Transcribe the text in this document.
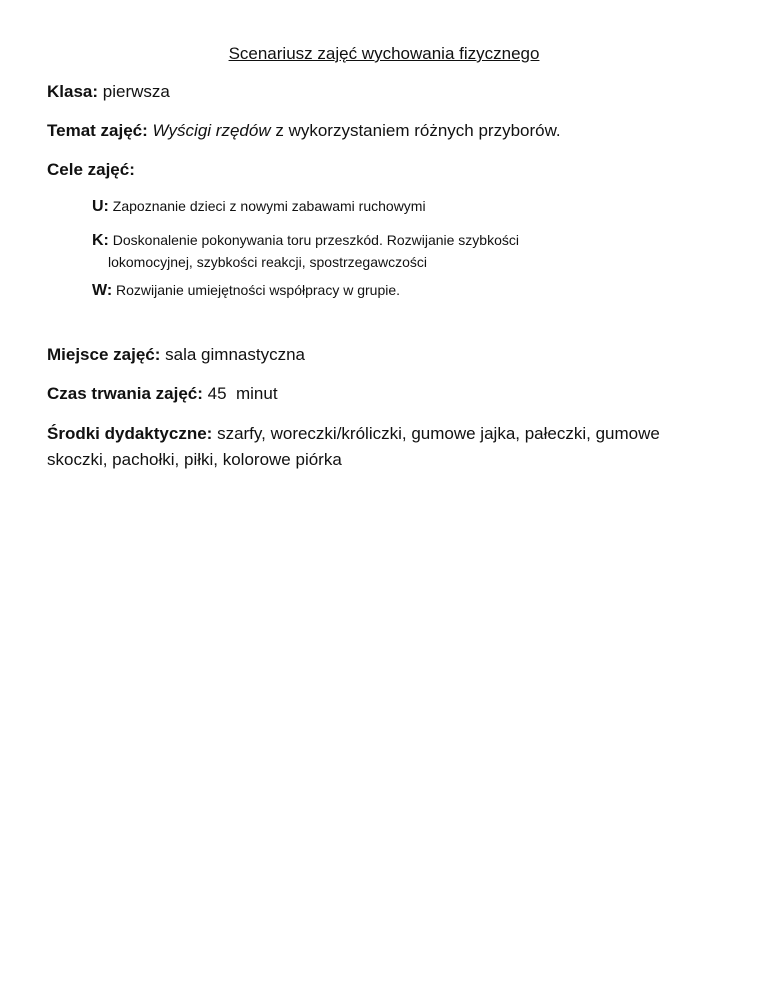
Scenariusz zajęć wychowania fizycznego
Klasa: pierwsza
Temat zajęć: Wyścigi rzędów z wykorzystaniem różnych przyborów.
Cele zajęć:
U: Zapoznanie dzieci z nowymi zabawami ruchowymi
K: Doskonalenie pokonywania toru przeszkód. Rozwijanie szybkości
lokomocyjnej, szybkości reakcji, spostrzegawczości
W: Rozwijanie umiejętności współpracy w grupie.
Miejsce zajęć: sala gimnastyczna
Czas trwania zajęć: 45  minut
Środki dydaktyczne: szarfy, woreczki/króliczki, gumowe jajka, pałeczki, gumowe skoczki, pachołki, piłki, kolorowe piórka
